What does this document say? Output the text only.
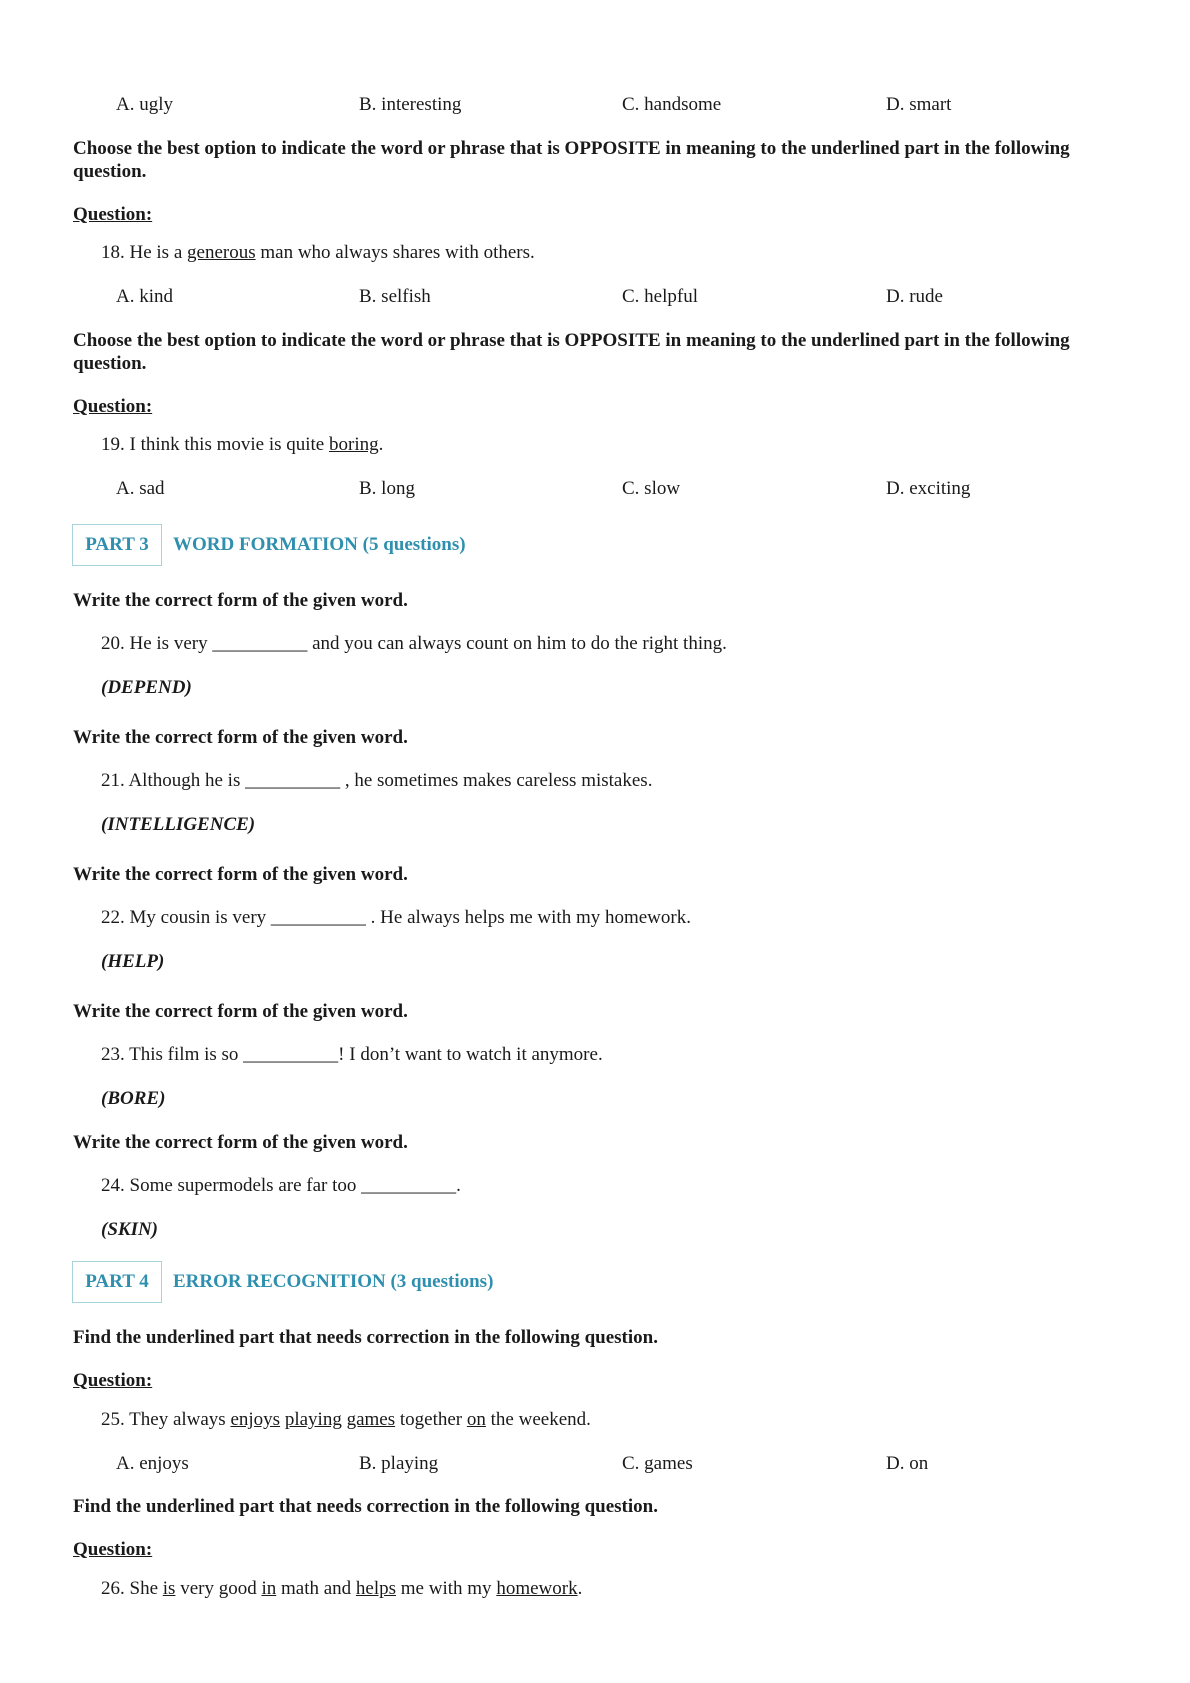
A. ugly	B. interesting	C. handsome	D. smart
Choose the best option to indicate the word or phrase that is OPPOSITE in meaning to the underlined part in the following question.
Question:
18. He is a generous man who always shares with others.
A. kind	B. selfish	C. helpful	D. rude
Choose the best option to indicate the word or phrase that is OPPOSITE in meaning to the underlined part in the following question.
Question:
19. I think this movie is quite boring.
A. sad	B. long	C. slow	D. exciting
PART 3	WORD FORMATION (5 questions)
Write the correct form of the given word.
20. He is very __________ and you can always count on him to do the right thing.
(DEPEND)
Write the correct form of the given word.
21. Although he is __________ , he sometimes makes careless mistakes.
(INTELLIGENCE)
Write the correct form of the given word.
22. My cousin is very __________ . He always helps me with my homework.
(HELP)
Write the correct form of the given word.
23. This film is so __________! I don’t want to watch it anymore.
(BORE)
Write the correct form of the given word.
24. Some supermodels are far too __________.
(SKIN)
PART 4	ERROR RECOGNITION (3 questions)
Find the underlined part that needs correction in the following question.
Question:
25. They always enjoys playing games together on the weekend.
A. enjoys	B. playing	C. games	D. on
Find the underlined part that needs correction in the following question.
Question:
26. She is very good in math and helps me with my homework.
